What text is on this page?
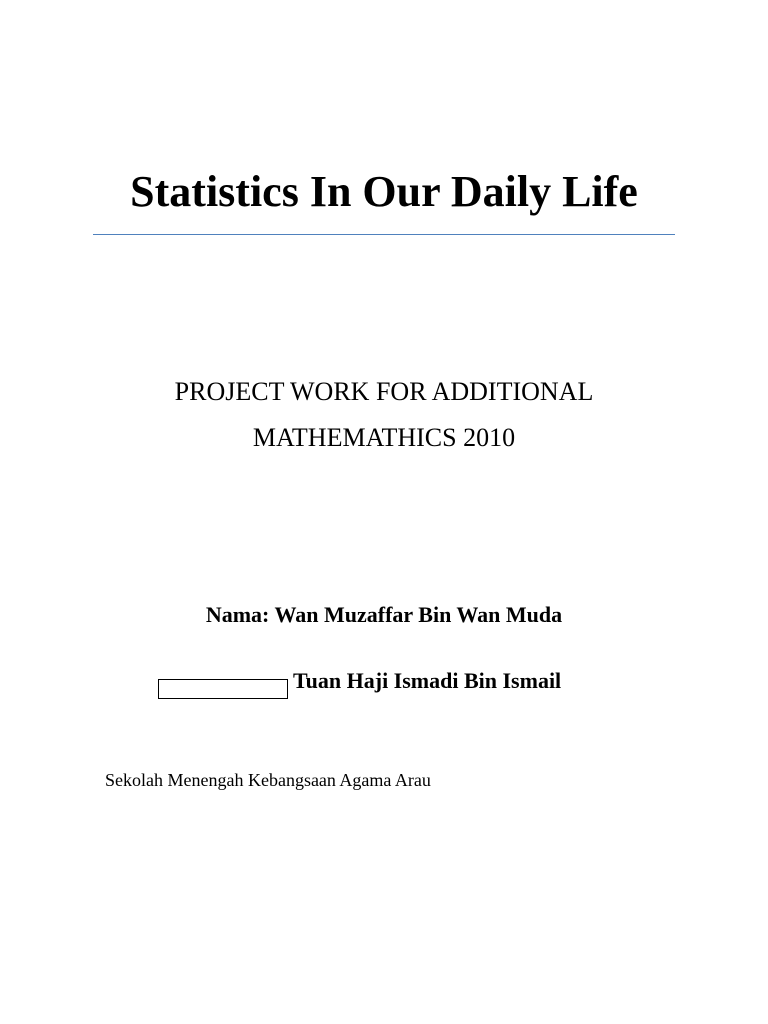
Statistics In Our Daily Life
PROJECT WORK FOR ADDITIONAL
MATHEMATHICS 2010
Nama: Wan Muzaffar Bin Wan Muda
Tuan Haji Ismadi Bin Ismail
Sekolah Menengah Kebangsaan Agama Arau
